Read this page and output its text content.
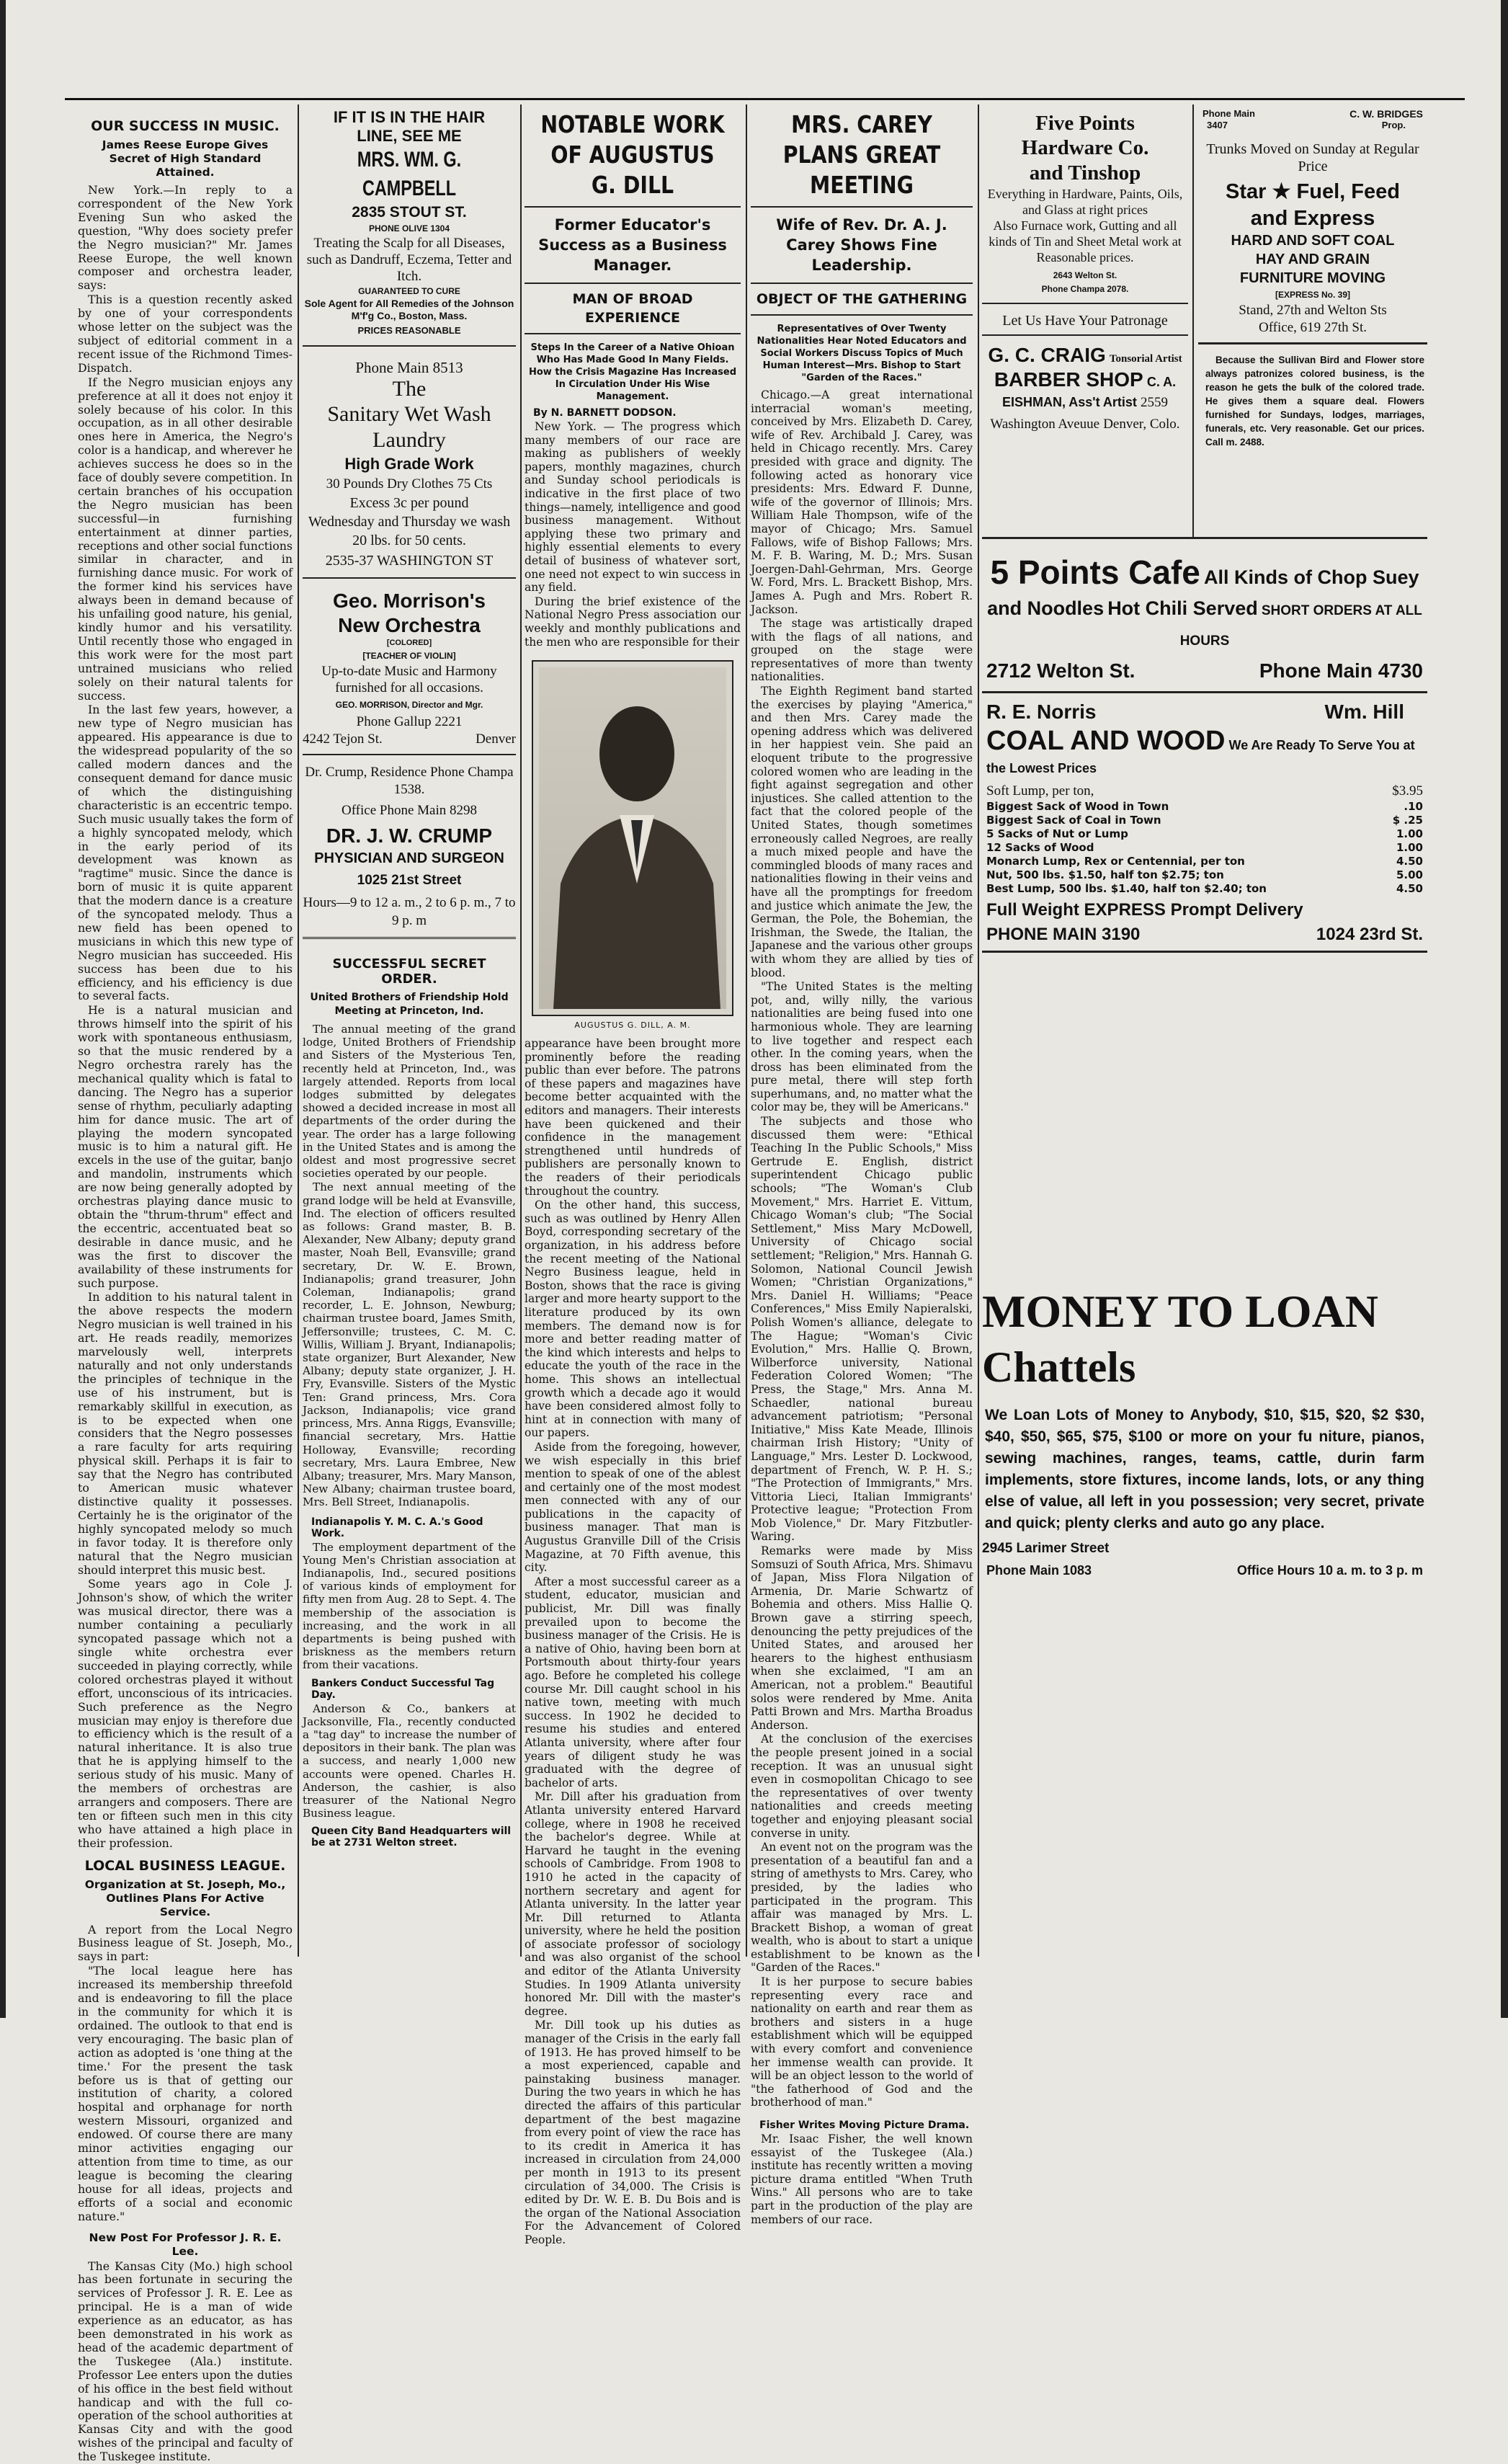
OUR SUCCESS IN MUSIC.
James Reese Europe Gives Secret of High Standard Attained.

New York.—In reply to a correspondent of the New York Evening Sun who asked the question, "Why does society prefer the Negro musician?" Mr. James Reese Europe, the well known composer and orchestra leader, says:

This is a question recently asked by one of your correspondents whose letter on the subject was the subject of editorial comment in a recent issue of the Richmond Times-Dispatch.

If the Negro musician enjoys any preference at all it does not enjoy it solely because of his color. In this occupation, as in all other desirable ones here in America, the Negro's color is a handicap, and wherever he achieves success he does so in the face of doubly severe competition. In certain branches of his occupation the Negro musician has been successful—in furnishing entertainment at dinner parties, receptions and other social functions similar in character, and in furnishing dance music. For work of the former kind his services have always been in demand because of his unfailing good nature, his genial, kindly humor and his versatility. Until recently those who engaged in this work were for the most part untrained musicians who relied solely on their natural talents for success.

In the last few years, however, a new type of Negro musician has appeared. His appearance is due to the widespread popularity of the so called modern dances and the consequent demand for dance music of which the distinguishing characteristic is an eccentric tempo. Such music usually takes the form of a highly syncopated melody, which in the early period of its development was known as "ragtime" music. Since the dance is born of music it is quite apparent that the modern dance is a creature of the syncopated melody. Thus a new field has been opened to musicians in which this new type of Negro musician has succeeded. His success has been due to his efficiency, and his efficiency is due to several facts.

He is a natural musician and throws himself into the spirit of his work with spontaneous enthusiasm, so that the music rendered by a Negro orchestra rarely has the mechanical quality which is fatal to dancing. The Negro has a superior sense of rhythm, peculiarly adapting him for dance music. The art of playing the modern syncopated music is to him a natural gift. He excels in the use of the guitar, banjo and mandolin, instruments which are now being generally adopted by orchestras playing dance music to obtain the "thrum-thrum" effect and the eccentric, accentuated beat so desirable in dance music, and he was the first to discover the availability of these instruments for such purpose.

In addition to his natural talent in the above respects the modern Negro musician is well trained in his art. He reads readily, memorizes marvelously well, interprets naturally and not only understands the principles of technique in the use of his instrument, but is remarkably skillful in execution, as is to be expected when one considers that the Negro possesses a rare faculty for arts requiring physical skill. Perhaps it is fair to say that the Negro has contributed to American music whatever distinctive quality it possesses. Certainly he is the originator of the highly syncopated melody so much in favor today. It is therefore only natural that the Negro musician should interpret this music best.

Some years ago in Cole J. Johnson's show, of which the writer was musical director, there was a number containing a peculiarly syncopated passage which not a single white orchestra ever succeeded in playing correctly, while colored orchestras played it without effort, unconscious of its intricacies. Such preference as the Negro musician may enjoy is therefore due to efficiency which is the result of a natural inheritance. It is also true that he is applying himself to the serious study of his music. Many of the members of orchestras are arrangers and composers. There are ten or fifteen such men in this city who have attained a high place in their profession.

LOCAL BUSINESS LEAGUE.
Organization at St. Joseph, Mo., Outlines Plans For Active Service.

A report from the Local Negro Business league of St. Joseph, Mo., says in part:

"The local league here has increased its membership threefold and is endeavoring to fill the place in the community for which it is ordained. The outlook to that end is very encouraging. The basic plan of action as adopted is 'one thing at the time.' For the present the task before us is that of getting our institution of charity, a colored hospital and orphanage for north western Missouri, organized and endowed. Of course there are many minor activities engaging our attention from time to time, as our league is becoming the clearing house for all ideas, projects and efforts of a social and economic nature."

New Post For Professor J. R. E. Lee.

The Kansas City (Mo.) high school has been fortunate in securing the services of Professor J. R. E. Lee as principal. He is a man of wide experience as an educator, as has been demonstrated in his work as head of the academic department of the Tuskegee (Ala.) institute. Professor Lee enters upon the duties of his office in the best field without handicap and with the full co-operation of the school authorities at Kansas City and with the good wishes of the principal and faculty of the Tuskegee institute.

IF IT IS IN THE HAIR
LINE, SEE ME
MRS. WM. G. CAMPBELL
2835 STOUT ST.
PHONE OLIVE 1304
Treating the Scalp for all Diseases, such as Dandruff, Eczema, Tetter and Itch.
GUARANTEED TO CURE
Sole Agent for All Remedies of the Johnson M'f'g Co., Boston, Mass.
PRICES REASONABLE
Phone Main 8513
The
Sanitary Wet Wash
Laundry
High Grade Work
30 Pounds Dry Clothes 75 Cts
Excess 3c per pound
Wednesday and Thursday we wash 20 lbs. for 50 cents.
2535-37 WASHINGTON ST
Geo. Morrison's
New Orchestra
[COLORED]
[TEACHER OF VIOLIN]
Up-to-date Music and Harmony furnished for all occasions.
GEO. MORRISON, Director and Mgr.
Phone Gallup 2221
4242 Tejon St.	Denver
Dr. Crump, Residence Phone Champa 1538.
Office Phone Main 8298
DR. J. W. CRUMP
PHYSICIAN AND SURGEON
1025 21st Street
Hours—9 to 12 a. m., 2 to 6 p. m., 7 to 9 p. m
SUCCESSFUL SECRET ORDER.
United Brothers of Friendship Hold Meeting at Princeton, Ind.

The annual meeting of the grand lodge, United Brothers of Friendship and Sisters of the Mysterious Ten, recently held at Princeton, Ind., was largely attended. Reports from local lodges submitted by delegates showed a decided increase in most all departments of the order during the year. The order has a large following in the United States and is among the oldest and most progressive secret societies operated by our people.

The next annual meeting of the grand lodge will be held at Evansville, Ind. The election of officers resulted as follows: Grand master, B. B. Alexander, New Albany; deputy grand master, Noah Bell, Evansville; grand secretary, Dr. W. E. Brown, Indianapolis; grand treasurer, John Coleman, Indianapolis; grand recorder, L. E. Johnson, Newburg; chairman trustee board, James Smith, Jeffersonville; trustees, C. M. C. Willis, William J. Bryant, Indianapolis; state organizer, Burt Alexander, New Albany; deputy state organizer, J. H. Fry, Evansville. Sisters of the Mystic Ten: Grand princess, Mrs. Cora Jackson, Indianapolis; vice grand princess, Mrs. Anna Riggs, Evansville; financial secretary, Mrs. Hattie Holloway, Evansville; recording secretary, Mrs. Laura Embree, New Albany; treasurer, Mrs. Mary Manson, New Albany; chairman trustee board, Mrs. Bell Street, Indianapolis.

Indianapolis Y. M. C. A.'s Good Work.

The employment department of the Young Men's Christian association at Indianapolis, Ind., secured positions of various kinds of employment for fifty men from Aug. 28 to Sept. 4. The membership of the association is increasing, and the work in all departments is being pushed with briskness as the members return from their vacations.

Bankers Conduct Successful Tag Day.

Anderson & Co., bankers at Jacksonville, Fla., recently conducted a "tag day" to increase the number of depositors in their bank. The plan was a success, and nearly 1,000 new accounts were opened. Charles H. Anderson, the cashier, is also treasurer of the National Negro Business league.

Queen City Band Headquarters will be at 2731 Welton street.
NOTABLE WORK OF AUGUSTUS G. DILL
Former Educator's Success as a Business Manager.
MAN OF BROAD EXPERIENCE
Steps In the Career of a Native Ohioan Who Has Made Good In Many Fields. How the Crisis Magazine Has Increased In Circulation Under His Wise Management.
By N. BARNETT DODSON.

New York. — The progress which many members of our race are making as publishers of weekly papers, monthly magazines, church and Sunday school periodicals is indicative in the first place of two things—namely, intelligence and good business management. Without applying these two primary and highly essential elements to every detail of business of whatever sort, one need not expect to win success in any field.

During the brief existence of the National Negro Press association our weekly and monthly publications and the men who are responsible for their

AUGUSTUS G. DILL, A. M.

appearance have been brought more prominently before the reading public than ever before. The patrons of these papers and magazines have become better acquainted with the editors and managers. Their interests have been quickened and their confidence in the management strengthened until hundreds of publishers are personally known to the readers of their periodicals throughout the country.

On the other hand, this success, such as was outlined by Henry Allen Boyd, corresponding secretary of the organization, in his address before the recent meeting of the National Negro Business league, held in Boston, shows that the race is giving larger and more hearty support to the literature produced by its own members. The demand now is for more and better reading matter of the kind which interests and helps to educate the youth of the race in the home. This shows an intellectual growth which a decade ago it would have been considered almost folly to hint at in connection with many of our papers.

Aside from the foregoing, however, we wish especially in this brief mention to speak of one of the ablest and certainly one of the most modest men connected with any of our publications in the capacity of business manager. That man is Augustus Granville Dill of the Crisis Magazine, at 70 Fifth avenue, this city.

After a most successful career as a student, educator, musician and publicist, Mr. Dill was finally prevailed upon to become the business manager of the Crisis. He is a native of Ohio, having been born at Portsmouth about thirty-four years ago. Before he completed his college course Mr. Dill caught school in his native town, meeting with much success. In 1902 he decided to resume his studies and entered Atlanta university, where after four years of diligent study he was graduated with the degree of bachelor of arts.

Mr. Dill after his graduation from Atlanta university entered Harvard college, where in 1908 he received the bachelor's degree. While at Harvard he taught in the evening schools of Cambridge. From 1908 to 1910 he acted in the capacity of northern secretary and agent for Atlanta university. In the latter year Mr. Dill returned to Atlanta university, where he held the position of associate professor of sociology and was also organist of the school and editor of the Atlanta University Studies. In 1909 Atlanta university honored Mr. Dill with the master's degree.

Mr. Dill took up his duties as manager of the Crisis in the early fall of 1913. He has proved himself to be a most experienced, capable and painstaking business manager. During the two years in which he has directed the affairs of this particular department of the best magazine from every point of view the race has to its credit in America it has increased in circulation from 24,000 per month in 1913 to its present circulation of 34,000. The Crisis is edited by Dr. W. E. B. Du Bois and is the organ of the National Association For the Advancement of Colored People.

MRS. CAREY PLANS GREAT MEETING
Wife of Rev. Dr. A. J. Carey Shows Fine Leadership.
OBJECT OF THE GATHERING
Representatives of Over Twenty Nationalities Hear Noted Educators and Social Workers Discuss Topics of Much Human Interest—Mrs. Bishop to Start "Garden of the Races."

Chicago.—A great international interracial woman's meeting, conceived by Mrs. Elizabeth D. Carey, wife of Rev. Archibald J. Carey, was held in Chicago recently. Mrs. Carey presided with grace and dignity. The following acted as honorary vice presidents: Mrs. Edward F. Dunne, wife of the governor of Illinois; Mrs. William Hale Thompson, wife of the mayor of Chicago; Mrs. Samuel Fallows, wife of Bishop Fallows; Mrs. M. F. B. Waring, M. D.; Mrs. Susan Joergen-Dahl-Gehrman, Mrs. George W. Ford, Mrs. L. Brackett Bishop, Mrs. James A. Pugh and Mrs. Robert R. Jackson.

The stage was artistically draped with the flags of all nations, and grouped on the stage were representatives of more than twenty nationalities.

The Eighth Regiment band started the exercises by playing "America," and then Mrs. Carey made the opening address which was delivered in her happiest vein. She paid an eloquent tribute to the progressive colored women who are leading in the fight against segregation and other injustices. She called attention to the fact that the colored people of the United States, though sometimes erroneously called Negroes, are really a much mixed people and have the commingled bloods of many races and nationalities flowing in their veins and have all the promptings for freedom and justice which animate the Jew, the German, the Pole, the Bohemian, the Irishman, the Swede, the Italian, the Japanese and the various other groups with whom they are allied by ties of blood.

"The United States is the melting pot, and, willy nilly, the various nationalities are being fused into one harmonious whole. They are learning to live together and respect each other. In the coming years, when the dross has been eliminated from the pure metal, there will step forth superhumans, and, no matter what the color may be, they will be Americans."

The subjects and those who discussed them were: "Ethical Teaching In the Public Schools," Miss Gertrude E. English, district superintendent Chicago public schools; "The Woman's Club Movement," Mrs. Harriet E. Vittum, Chicago Woman's club; "The Social Settlement," Miss Mary McDowell, University of Chicago social settlement; "Religion," Mrs. Hannah G. Solomon, National Council Jewish Women; "Christian Organizations," Mrs. Daniel H. Williams; "Peace Conferences," Miss Emily Napieralski, Polish Women's alliance, delegate to The Hague; "Woman's Civic Evolution," Mrs. Hallie Q. Brown, Wilberforce university, National Federation Colored Women; "The Press, the Stage," Mrs. Anna M. Schaedler, national bureau advancement patriotism; "Personal Initiative," Miss Kate Meade, Illinois chairman Irish History; "Unity of Language," Mrs. Lester D. Lockwood, department of French, W. P. H. S.; "The Protection of Immigrants," Mrs. Vittoria Lieci, Italian Immigrants' Protective league; "Protection From Mob Violence," Dr. Mary Fitzbutler-Waring.

Remarks were made by Miss Somsuzi of South Africa, Mrs. Shimavu of Japan, Miss Flora Nilgation of Armenia, Dr. Marie Schwartz of Bohemia and others. Miss Hallie Q. Brown gave a stirring speech, denouncing the petty prejudices of the United States, and aroused her hearers to the highest enthusiasm when she exclaimed, "I am an American, not a problem." Beautiful solos were rendered by Mme. Anita Patti Brown and Mrs. Martha Broadus Anderson.

At the conclusion of the exercises the people present joined in a social reception. It was an unusual sight even in cosmopolitan Chicago to see the representatives of over twenty nationalities and creeds meeting together and enjoying pleasant social converse in unity.

An event not on the program was the presentation of a beautiful fan and a string of amethysts to Mrs. Carey, who presided, by the ladies who participated in the program. This affair was managed by Mrs. L. Brackett Bishop, a woman of great wealth, who is about to start a unique establishment to be known as the "Garden of the Races."

It is her purpose to secure babies representing every race and nationality on earth and rear them as brothers and sisters in a huge establishment which will be equipped with every comfort and convenience her immense wealth can provide. It will be an object lesson to the world of "the fatherhood of God and the brotherhood of man."

Fisher Writes Moving Picture Drama.

Mr. Isaac Fisher, the well known essayist of the Tuskegee (Ala.) institute has recently written a moving picture drama entitled "When Truth Wins." All persons who are to take part in the production of the play are members of our race.

Five Points
Hardware Co.
and Tinshop
Everything in Hardware, Paints, Oils, and Glass at right prices
Also Furnace work, Gutting and all kinds of Tin and Sheet Metal work at Reasonable prices.
2643 Welton St.
Phone Champa 2078.
Let Us Have Your Patronage
G. C. CRAIG Tonsorial Artist BARBER SHOP C. A. EISHMAN, Ass't Artist 2559 Washington Aveuue Denver, Colo.
Phone Main	C. W. BRIDGES
3407	Prop.
Trunks Moved on Sunday at Regular Price
Star ★ Fuel, Feed
and Express
HARD AND SOFT COAL
HAY AND GRAIN
FURNITURE MOVING
[EXPRESS No. 39]
Stand, 27th and Welton Sts
Office, 619 27th St.
Because the Sullivan Bird and Flower store always patronizes colored business, is the reason he gets the bulk of the colored trade. He gives them a square deal. Flowers furnished for Sundays, lodges, marriages, funerals, etc. Very reasonable. Get our prices. Call m. 2488.
5 Points Cafe All Kinds of Chop Suey and Noodles Hot Chili Served SHORT ORDERS AT ALL HOURS
2712 Welton St.	Phone Main 4730
R. E. Norris	Wm. Hill
COAL AND WOOD We Are Ready To Serve You at the Lowest Prices
Soft Lump, per ton,	$3.95
Biggest Sack of Wood in Town	.10
Biggest Sack of Coal in Town	$ .25
5 Sacks of Nut or Lump	1.00
12 Sacks of Wood	1.00
Monarch Lump, Rex or Centennial, per ton	4.50
Nut, 500 lbs. $1.50, half ton $2.75; ton	5.00
Best Lump, 500 lbs. $1.40, half ton $2.40; ton	4.50
Full Weight EXPRESS Prompt Delivery
PHONE MAIN 3190	1024 23rd St.
MONEY TO LOAN Chattels
We Loan Lots of Money to Anybody, $10, $15, $20, $2 $30, $40, $50, $65, $75, $100 or more on your fu niture, pianos, sewing machines, ranges, teams, cattle, durin farm implements, store fixtures, income lands, lots, or any thing else of value, all left in you possession; very secret, private and quick; plenty clerks and auto go any place.
2945 Larimer Street
Phone Main 1083	Office Hours 10 a. m. to 3 p. m
